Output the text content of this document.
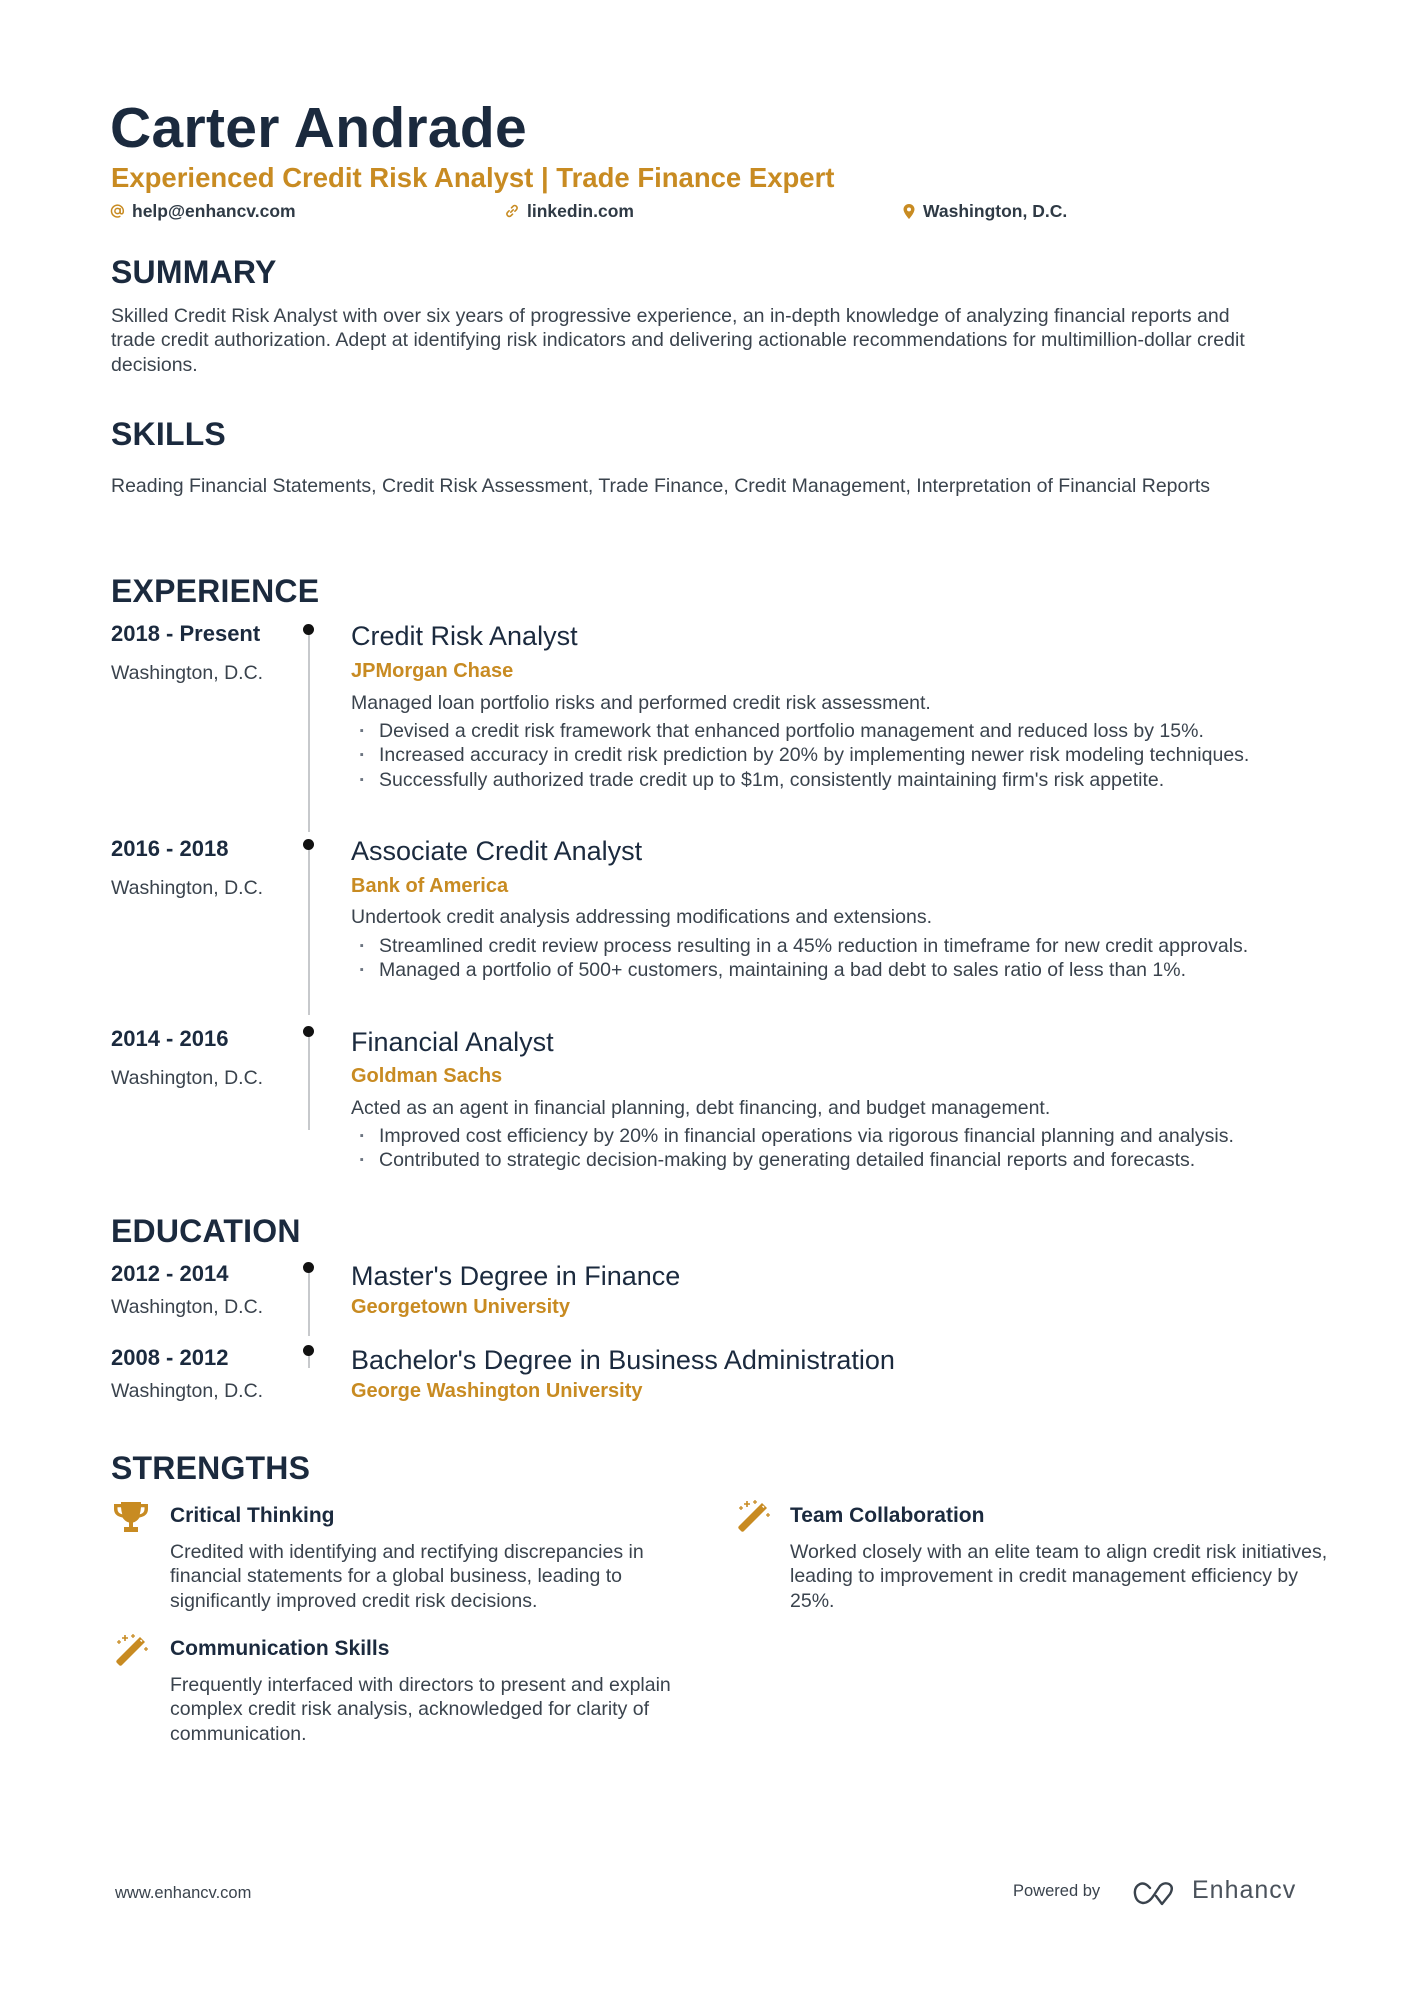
Carter Andrade
Experienced Credit Risk Analyst | Trade Finance Expert
help@enhancv.com	linkedin.com	Washington, D.C.
SUMMARY
Skilled Credit Risk Analyst with over six years of progressive experience, an in-depth knowledge of analyzing financial reports and trade credit authorization. Adept at identifying risk indicators and delivering actionable recommendations for multimillion-dollar credit decisions.
SKILLS
Reading Financial Statements, Credit Risk Assessment, Trade Finance, Credit Management, Interpretation of Financial Reports
EXPERIENCE
2018 - Present
Washington, D.C.
Credit Risk Analyst
JPMorgan Chase
Managed loan portfolio risks and performed credit risk assessment.
· Devised a credit risk framework that enhanced portfolio management and reduced loss by 15%.
· Increased accuracy in credit risk prediction by 20% by implementing newer risk modeling techniques.
· Successfully authorized trade credit up to $1m, consistently maintaining firm's risk appetite.
2016 - 2018
Washington, D.C.
Associate Credit Analyst
Bank of America
Undertook credit analysis addressing modifications and extensions.
· Streamlined credit review process resulting in a 45% reduction in timeframe for new credit approvals.
· Managed a portfolio of 500+ customers, maintaining a bad debt to sales ratio of less than 1%.
2014 - 2016
Washington, D.C.
Financial Analyst
Goldman Sachs
Acted as an agent in financial planning, debt financing, and budget management.
· Improved cost efficiency by 20% in financial operations via rigorous financial planning and analysis.
· Contributed to strategic decision-making by generating detailed financial reports and forecasts.
EDUCATION
2012 - 2014
Washington, D.C.
Master's Degree in Finance
Georgetown University
2008 - 2012
Washington, D.C.
Bachelor's Degree in Business Administration
George Washington University
STRENGTHS
Critical Thinking
Credited with identifying and rectifying discrepancies in financial statements for a global business, leading to significantly improved credit risk decisions.
Team Collaboration
Worked closely with an elite team to align credit risk initiatives, leading to improvement in credit management efficiency by 25%.
Communication Skills
Frequently interfaced with directors to present and explain complex credit risk analysis, acknowledged for clarity of communication.
www.enhancv.com	Powered by	Enhancv
